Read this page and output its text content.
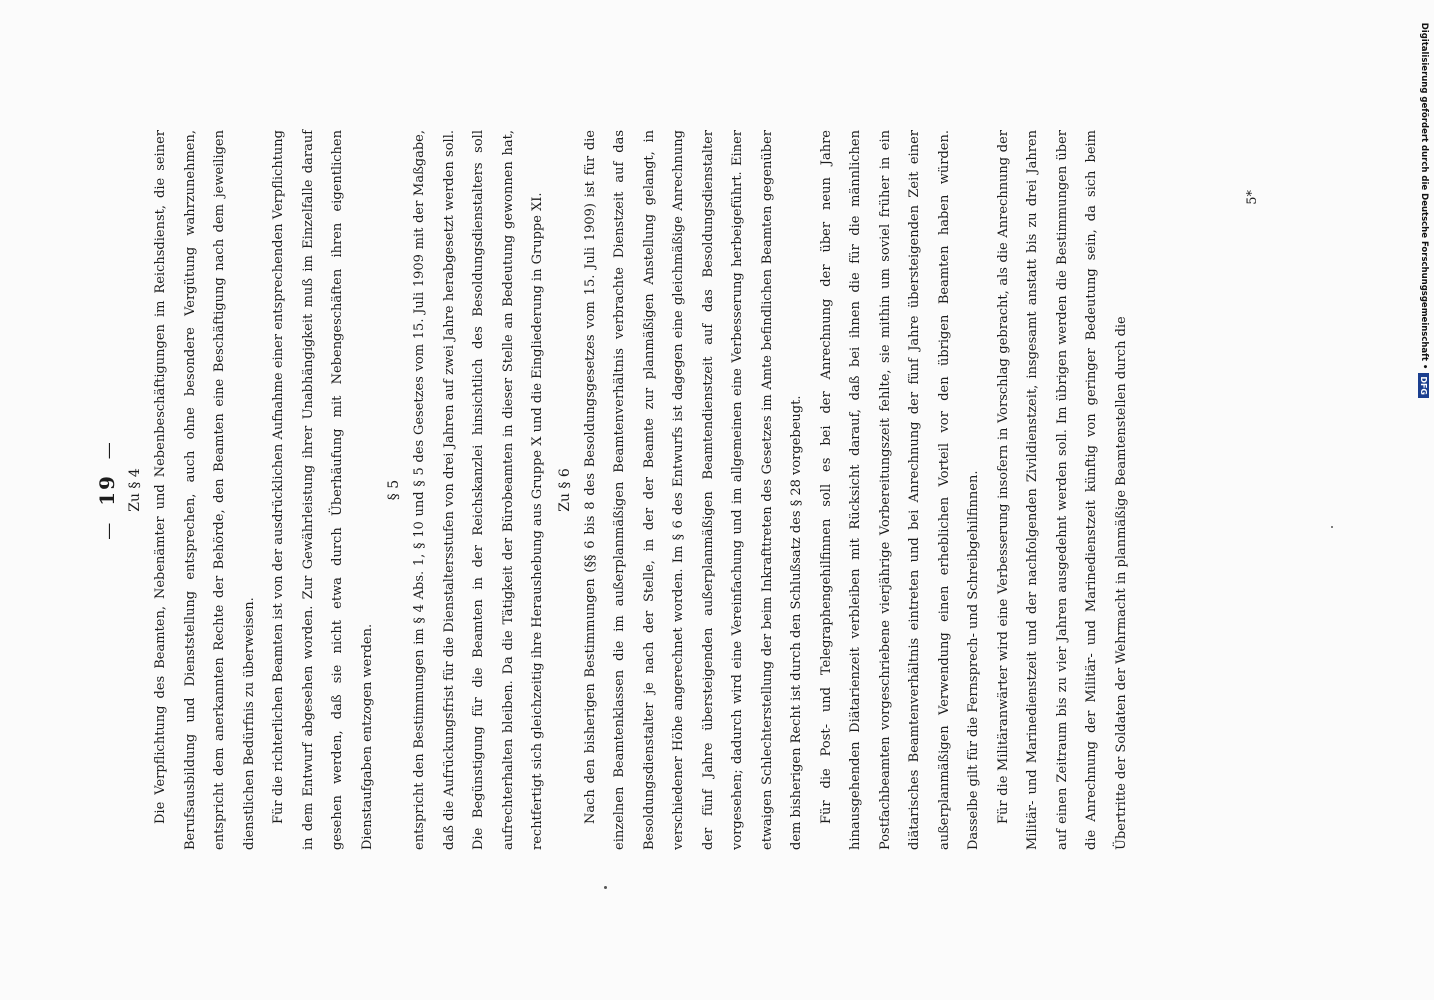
—  19  —
Zu § 4 Die Verpflichtung des Beamten, Nebenämter und Nebenbeschäftigungen im Reichsdienst, die seiner Berufsausbildung und Dienststellung entsprechen, auch ohne besondere Vergütung wahrzunehmen, entspricht dem anerkannten Rechte der Behörde, den Beamten eine Beschäftigung nach dem jeweiligen dienstlichen Bedürfnis zu überweisen.	Für die richterlichen Beamten ist von der ausdrücklichen Aufnahme einer entsprechenden Verpflichtung in dem Entwurf abgesehen worden. Zur Gewährleistung ihrer Unabhängigkeit muß im Einzelfalle darauf gesehen werden, daß sie nicht etwa durch Überhäufung mit Nebengeschäften ihren eigentlichen Dienstaufgaben entzogen werden.

§ 5 entspricht den Bestimmungen im § 4 Abs. 1, § 10 und § 5 des Gesetzes vom 15. Juli 1909 mit der Maßgabe, daß die Aufrückungsfrist für die Dienstaltersstufen von drei Jahren auf zwei Jahre herabgesetzt werden soll. Die Begünstigung für die Beamten in der Reichskanzlei hinsichtlich des Besoldungsdienstalters soll aufrechterhalten bleiben. Da die Tätigkeit der Bürobeamten in dieser Stelle an Bedeutung gewonnen hat, rechtfertigt sich gleichzeitig ihre Heraushebung aus Gruppe X und die Eingliederung in Gruppe XI. Zu § 6 Nach den bisherigen Bestimmungen (§§ 6 bis 8 des Besoldungsgesetzes vom 15. Juli 1909) ist für die einzelnen Beamtenklassen die im außerplanmäßigen Beamtenverhältnis verbrachte Dienstzeit auf das Besoldungsdienstalter je nach der Stelle, in der der Beamte zur planmäßigen Anstellung gelangt, in verschiedener Höhe angerechnet worden. Im § 6 des Entwurfs ist dagegen eine gleichmäßige Anrechnung der fünf Jahre übersteigenden außerplanmäßigen Beamtendienstzeit auf das Besoldungsdienstalter vorgesehen; dadurch wird eine Vereinfachung und im allgemeinen eine Verbesserung herbeigeführt. Einer etwaigen Schlechterstellung der beim Inkrafttreten des Gesetzes im Amte befindlichen Beamten gegenüber dem bisherigen Recht ist durch den Schlußsatz des § 28 vorgebeugt.	Für die Post- und Telegraphengehilfinnen soll es bei der Anrechnung der über neun Jahre hinausgehenden Diätarienzeit verbleiben mit Rücksicht darauf, daß bei ihnen die für die männlichen Postfachbeamten vorgeschriebene vierjährige Vorbereitungszeit fehlte, sie mithin um soviel früher in ein diätarisches Beamtenverhältnis eintreten und bei Anrechnung der fünf Jahre übersteigenden Zeit einer außerplanmäßigen Verwendung einen erheblichen Vorteil vor den übrigen Beamten haben würden. Dasselbe gilt für die Fernsprech- und Schreibgehilfinnen.	Für die Militäranwärter wird eine Verbesserung insofern in Vorschlag gebracht, als die Anrechnung der Militär- und Marinedienstzeit und der nachfolgenden Zivildienstzeit, insgesamt anstatt bis zu drei Jahren auf einen Zeitraum bis zu vier Jahren ausgedehnt werden soll. Im übrigen werden die Bestimmungen über die Anrechnung der Militär- und Marinedienstzeit künftig von geringer Bedeutung sein, da sich beim Übertritte der Soldaten der Wehrmacht in planmäßige Beamtenstellen durch die

5*	Digitalisierung gefördert durch die Deutsche Forschungsgemeinschaft •
DFG
